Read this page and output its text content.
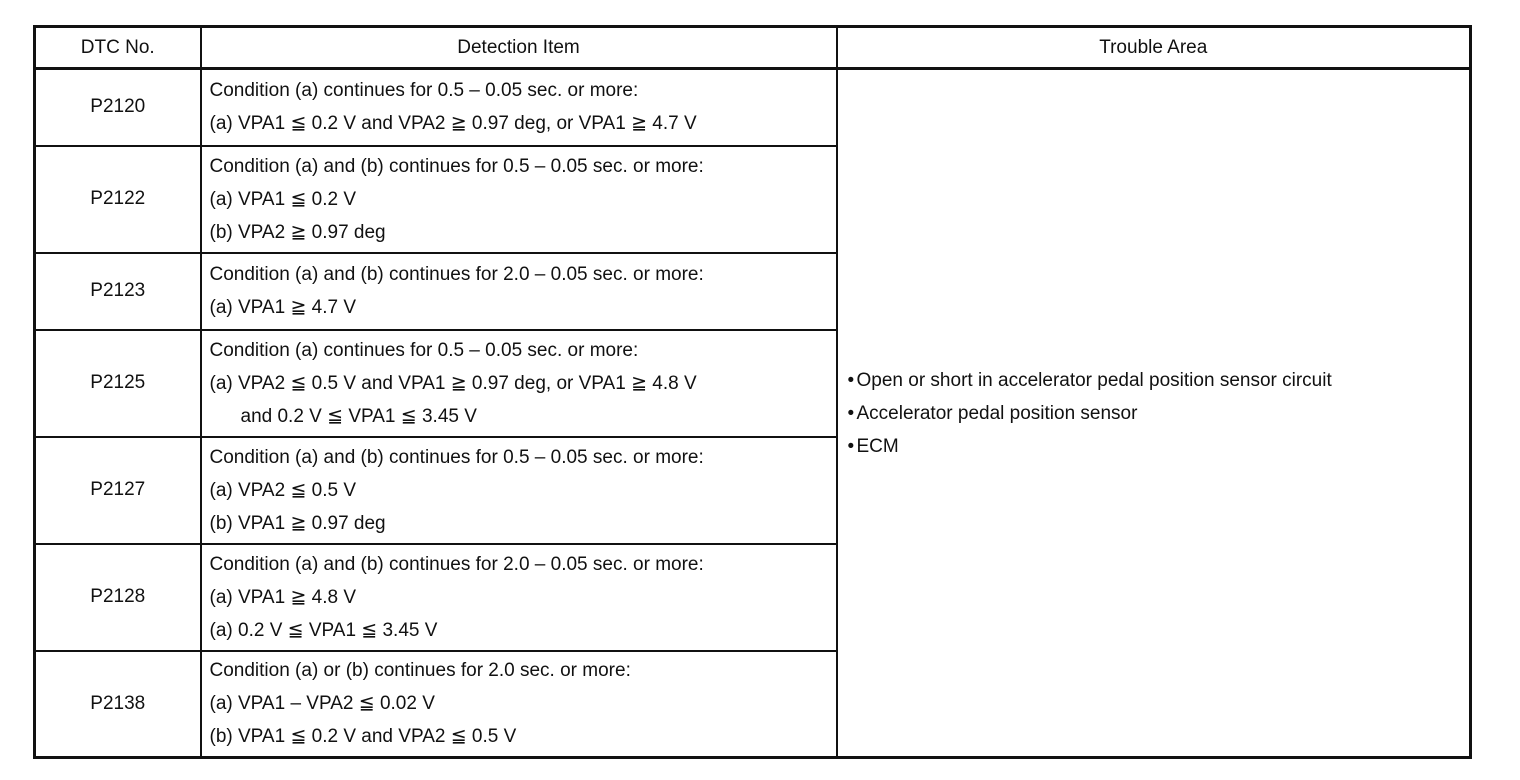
DTC No.	Detection Item	Trouble Area
P2120	Condition (a) continues for 0.5 – 0.05 sec. or more:
(a) VPA1 ≦ 0.2 V and VPA2 ≧ 0.97 deg, or VPA1 ≧ 4.7 V	• Open or short in accelerator pedal position sensor circuit
• Accelerator pedal position sensor
• ECM

P2122	Condition (a) and (b) continues for 0.5 – 0.05 sec. or more:
(a) VPA1 ≦ 0.2 V
(b) VPA2 ≧ 0.97 deg	

P2123	Condition (a) and (b) continues for 2.0 – 0.05 sec. or more:
(a) VPA1 ≧ 4.7 V	

P2125	Condition (a) continues for 0.5 – 0.05 sec. or more:
(a) VPA2 ≦ 0.5 V and VPA1 ≧ 0.97 deg, or VPA1 ≧ 4.8 V
and 0.2 V ≦ VPA1 ≦ 3.45 V	

P2127	Condition (a) and (b) continues for 0.5 – 0.05 sec. or more:
(a) VPA2 ≦ 0.5 V
(b) VPA1 ≧ 0.97 deg	

P2128	Condition (a) and (b) continues for 2.0 – 0.05 sec. or more:
(a) VPA1 ≧ 4.8 V
(a) 0.2 V ≦ VPA1 ≦ 3.45 V	

P2138	Condition (a) or (b) continues for 2.0 sec. or more:
(a) VPA1 – VPA2 ≦ 0.02 V
(b) VPA1 ≦ 0.2 V and VPA2 ≦ 0.5 V	
